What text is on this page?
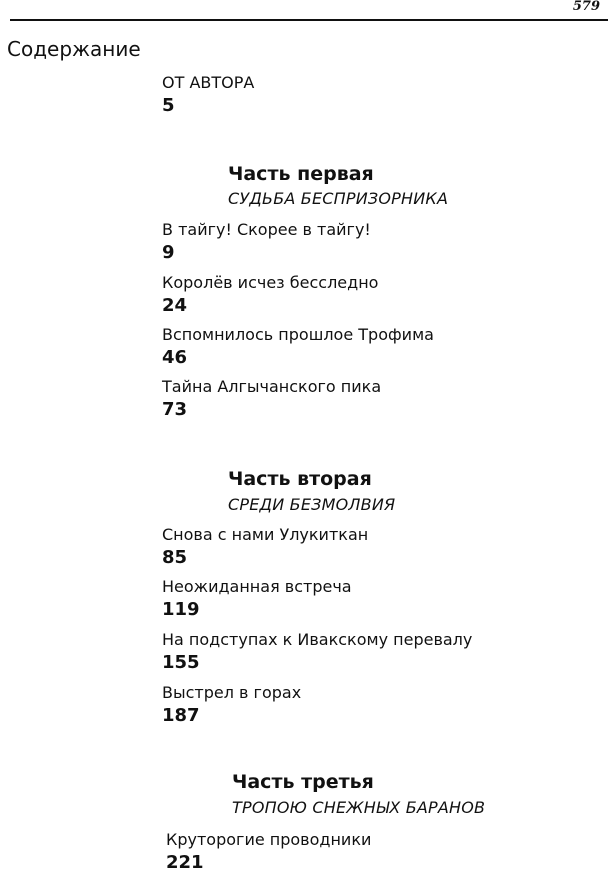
579
Содержание
ОТ АВТОРА
5
Часть первая
СУДЬБА БЕСПРИЗОРНИКА
В тайгу! Скорее в тайгу!
9
Королёв исчез бесследно
24
Вспомнилось прошлое Трофима
46
Тайна Алгычанского пика
73
Часть вторая
СРЕДИ БЕЗМОЛВИЯ
Снова с нами Улукиткан
85
Неожиданная встреча
119
На подступах к Ивакскому перевалу
155
Выстрел в горах
187
Часть третья
ТРОПОЮ СНЕЖНЫХ БАРАНОВ
Круторогие проводники
221
